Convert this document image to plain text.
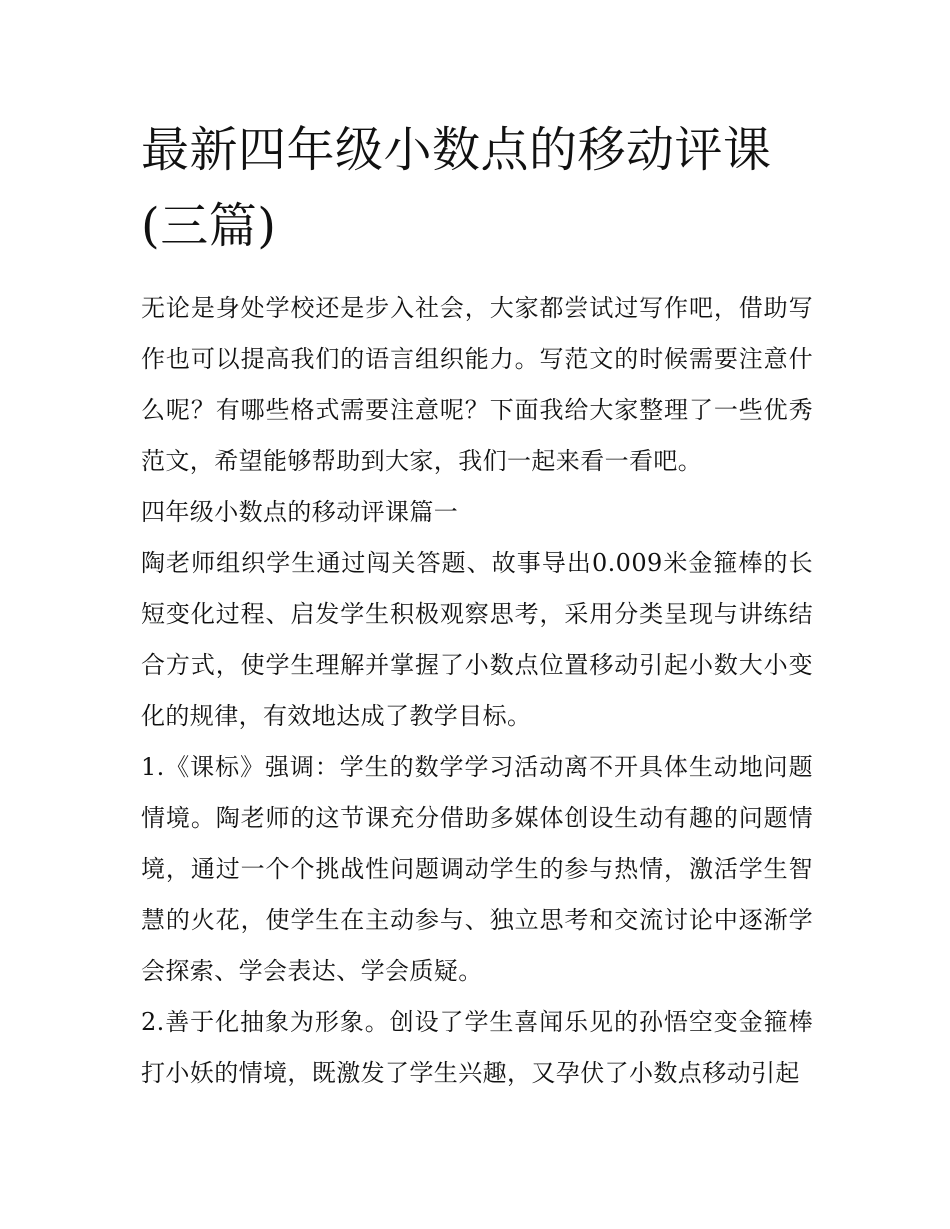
最新四年级小数点的移动评课(三篇)

无论是身处学校还是步入社会，大家都尝试过写作吧，借助写作也可以提高我们的语言组织能力。写范文的时候需要注意什么呢？有哪些格式需要注意呢？下面我给大家整理了一些优秀范文，希望能够帮助到大家，我们一起来看一看吧。

四年级小数点的移动评课篇一

陶老师组织学生通过闯关答题、故事导出0.009米金箍棒的长短变化过程、启发学生积极观察思考，采用分类呈现与讲练结合方式，使学生理解并掌握了小数点位置移动引起小数大小变化的规律，有效地达成了教学目标。

1.《课标》强调：学生的数学学习活动离不开具体生动地问题情境。陶老师的这节课充分借助多媒体创设生动有趣的问题情境，通过一个个挑战性问题调动学生的参与热情，激活学生智慧的火花，使学生在主动参与、独立思考和交流讨论中逐渐学会探索、学会表达、学会质疑。

2.善于化抽象为形象。创设了学生喜闻乐见的孙悟空变金箍棒打小妖的情境，既激发了学生兴趣，又孕伏了小数点移动引起
